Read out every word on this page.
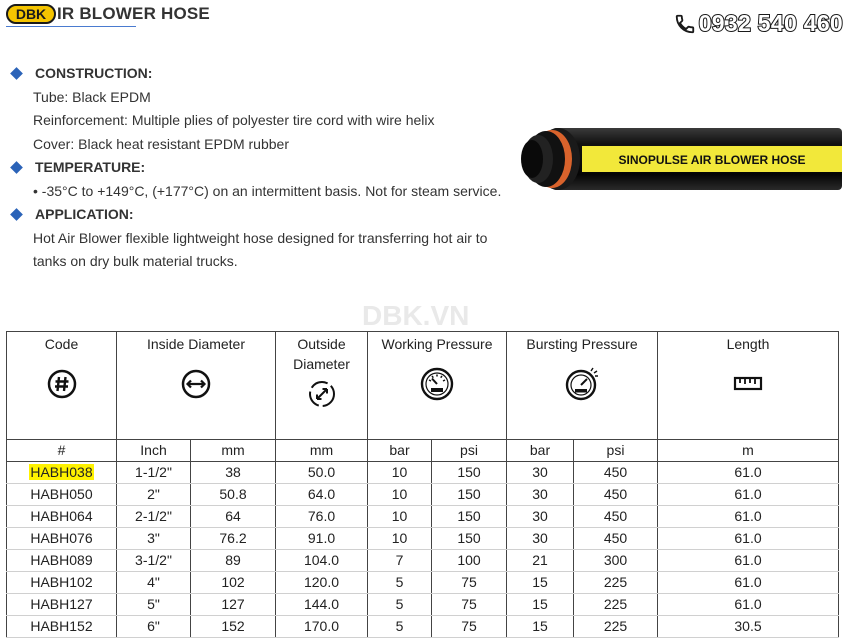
DBK IR BLOWER HOSE	0932 540 460
CONSTRUCTION:
Tube: Black EPDM
Reinforcement: Multiple plies of polyester tire cord with wire helix
Cover: Black heat resistant EPDM rubber
TEMPERATURE:
• -35°C to +149°C, (+177°C) on an intermittent basis. Not for steam service.
APPLICATION:
Hot Air Blower flexible lightweight hose designed for transferring hot air to tanks on dry bulk material trucks.
SINOPULSE AIR BLOWER HOSE
DBK.VN
Code	Inside Diameter		Outside Diameter	Working Pressure		Bursting Pressure		Length

#	Inch	mm	mm	bar	psi	bar	psi	m
HABH038	1-1/2"	38	50.0	10	150	30	450	61.0
HABH050	2"	50.8	64.0	10	150	30	450	61.0
HABH064	2-1/2"	64	76.0	10	150	30	450	61.0
HABH076	3"	76.2	91.0	10	150	30	450	61.0
HABH089	3-1/2"	89	104.0	7	100	21	300	61.0
HABH102	4"	102	120.0	5	75	15	225	61.0
HABH127	5"	127	144.0	5	75	15	225	61.0
HABH152	6"	152	170.0	5	75	15	225	30.5
